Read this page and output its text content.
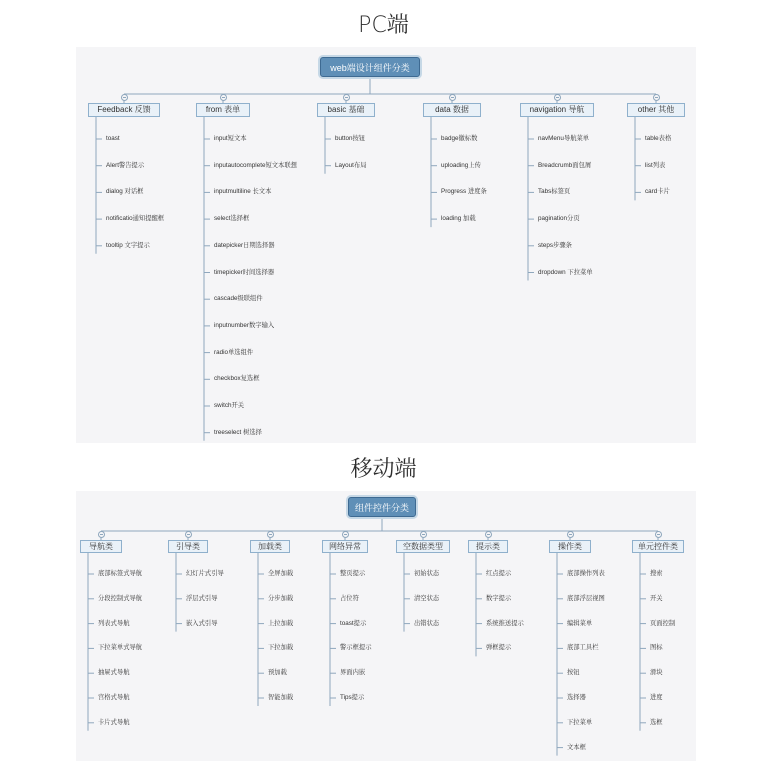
PC端
web端设计组件分类
Feedback 反馈
toast
Alert警告提示
dialog 对话框
notificatio通知提醒框
tooltip 文字提示
from 表单
input短文本
inputautocomplete短文本联想
inputmultiline 长文本
select选择框
datepicker日期选择器
timepicker时间选择器
cascade级联组件
inputnumber数字输入
radio单选组件
checkbox复选框
switch开关
treeselect 树选择
basic 基础
button按钮
Layout布局
data 数据
badge徽标数
uploading上传
Progress 进度条
loading 加载
navigation 导航
navMenu导航菜单
Breadcrumb面包屑
Tabs标签页
pagination分页
steps步骤条
dropdown 下拉菜单
other 其他
table表格
list列表
card卡片
移动端
组件控件分类
导航类
底部标签式导航
分段控制式导航
列表式导航
下拉菜单式导航
抽屉式导航
宫格式导航
卡片式导航
引导类
幻灯片式引导
浮层式引导
嵌入式引导
加载类
全屏加载
分步加载
上拉加载
下拉加载
预加载
智能加载
网络异常
整页提示
占位符
toast提示
警示框提示
界面内嵌
Tips提示
空数据类型
初始状态
清空状态
出错状态
提示类
红点提示
数字提示
系统推送提示
弹框提示
操作类
底部操作列表
底部浮层视图
编辑菜单
底部工具栏
按钮
选择器
下拉菜单
文本框
单元控件类
搜索
开关
页面控制
图标
滑块
进度
选框
